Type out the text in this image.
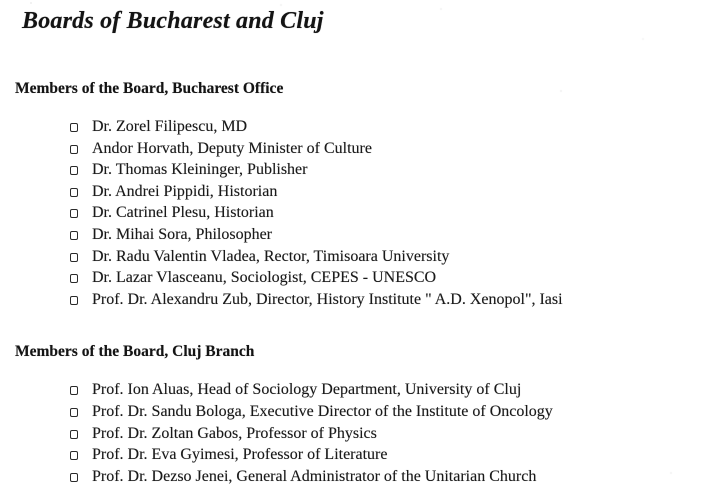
Boards of Bucharest and Cluj
Members of the Board, Bucharest Office
Dr. Zorel Filipescu, MD
Andor Horvath, Deputy Minister of Culture
Dr. Thomas Kleininger, Publisher
Dr. Andrei Pippidi, Historian
Dr. Catrinel Plesu, Historian
Dr. Mihai Sora, Philosopher
Dr. Radu Valentin Vladea, Rector, Timisoara University
Dr. Lazar Vlasceanu, Sociologist, CEPES - UNESCO
Prof. Dr. Alexandru Zub, Director, History Institute " A.D. Xenopol", Iasi
Members of the Board, Cluj Branch
Prof. Ion Aluas, Head of Sociology Department, University of Cluj
Prof. Dr. Sandu Bologa, Executive Director of the Institute of Oncology
Prof. Dr. Zoltan Gabos, Professor of Physics
Prof. Dr. Eva Gyimesi, Professor of Literature
Prof. Dr. Dezso Jenei, General Administrator of the Unitarian Church
